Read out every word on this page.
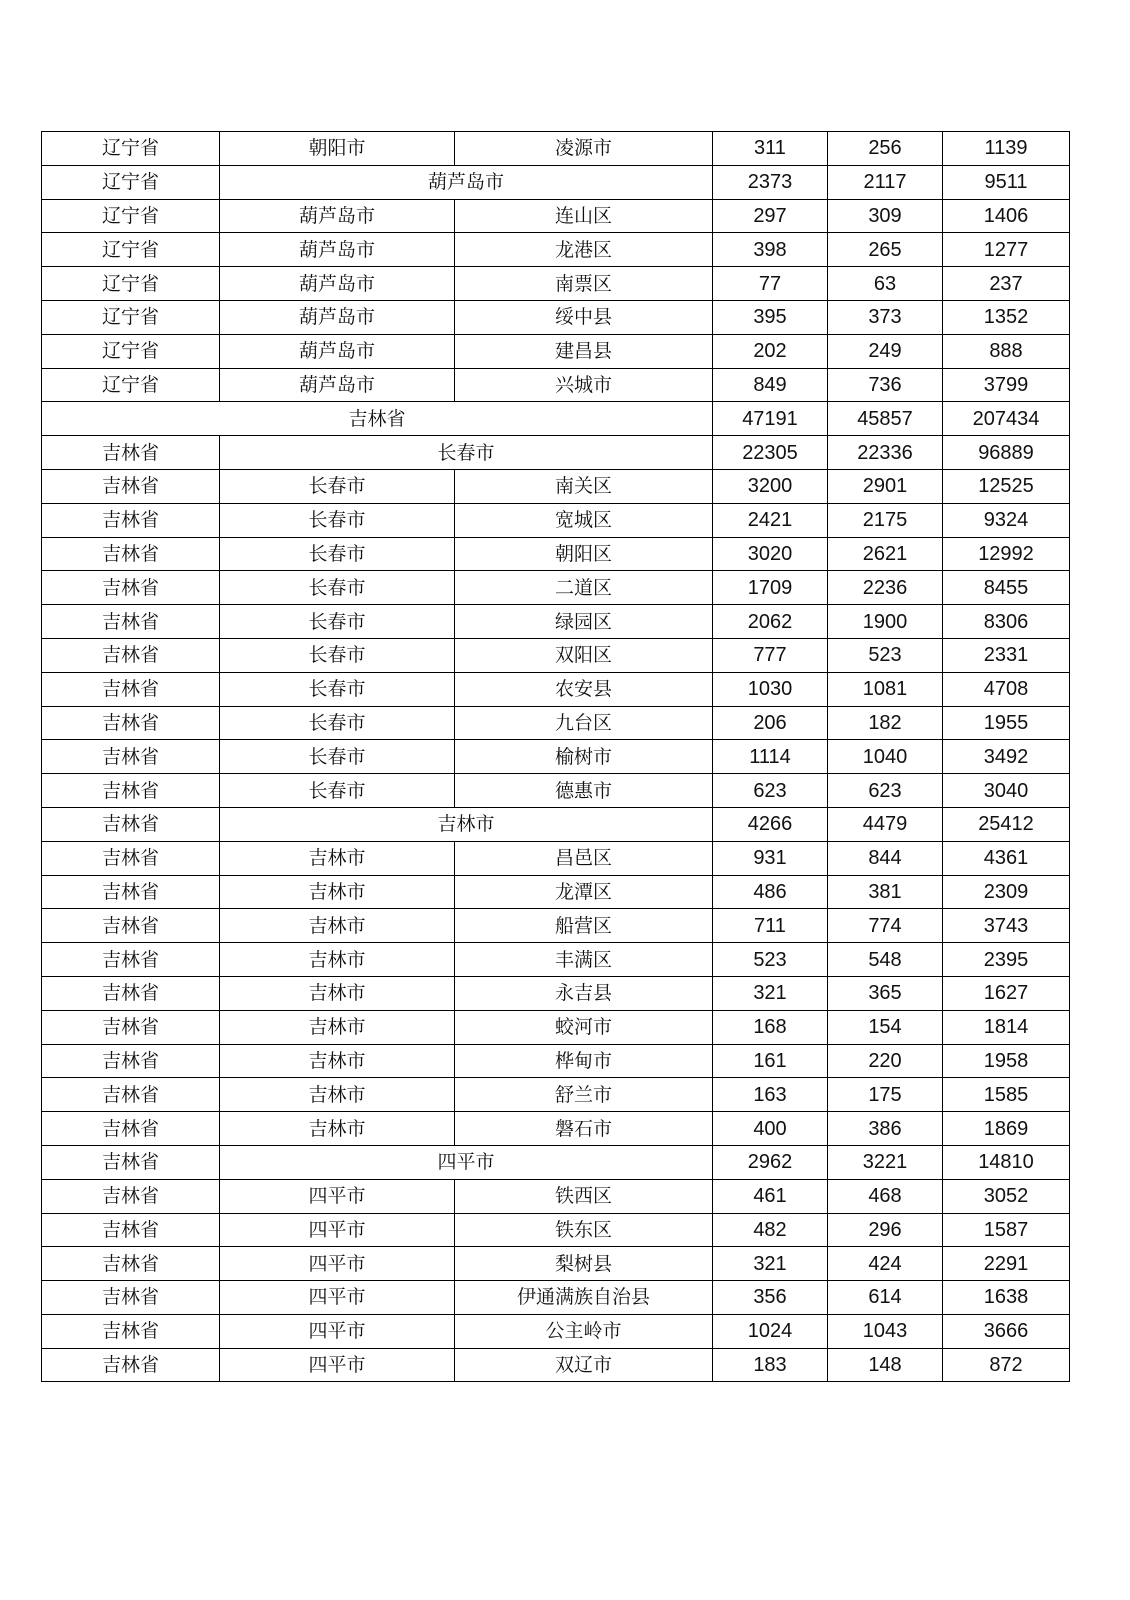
辽宁省	朝阳市	凌源市	311	256	1139
辽宁省	葫芦岛市		2373	2117	9511
辽宁省	葫芦岛市	连山区	297	309	1406
辽宁省	葫芦岛市	龙港区	398	265	1277
辽宁省	葫芦岛市	南票区	77	63	237
辽宁省	葫芦岛市	绥中县	395	373	1352
辽宁省	葫芦岛市	建昌县	202	249	888
辽宁省	葫芦岛市	兴城市	849	736	3799
吉林省			47191	45857	207434
吉林省	长春市		22305	22336	96889
吉林省	长春市	南关区	3200	2901	12525
吉林省	长春市	宽城区	2421	2175	9324
吉林省	长春市	朝阳区	3020	2621	12992
吉林省	长春市	二道区	1709	2236	8455
吉林省	长春市	绿园区	2062	1900	8306
吉林省	长春市	双阳区	777	523	2331
吉林省	长春市	农安县	1030	1081	4708
吉林省	长春市	九台区	206	182	1955
吉林省	长春市	榆树市	1114	1040	3492
吉林省	长春市	德惠市	623	623	3040
吉林省	吉林市		4266	4479	25412
吉林省	吉林市	昌邑区	931	844	4361
吉林省	吉林市	龙潭区	486	381	2309
吉林省	吉林市	船营区	711	774	3743
吉林省	吉林市	丰满区	523	548	2395
吉林省	吉林市	永吉县	321	365	1627
吉林省	吉林市	蛟河市	168	154	1814
吉林省	吉林市	桦甸市	161	220	1958
吉林省	吉林市	舒兰市	163	175	1585
吉林省	吉林市	磐石市	400	386	1869
吉林省	四平市		2962	3221	14810
吉林省	四平市	铁西区	461	468	3052
吉林省	四平市	铁东区	482	296	1587
吉林省	四平市	梨树县	321	424	2291
吉林省	四平市	伊通满族自治县	356	614	1638
吉林省	四平市	公主岭市	1024	1043	3666
吉林省	四平市	双辽市	183	148	872
